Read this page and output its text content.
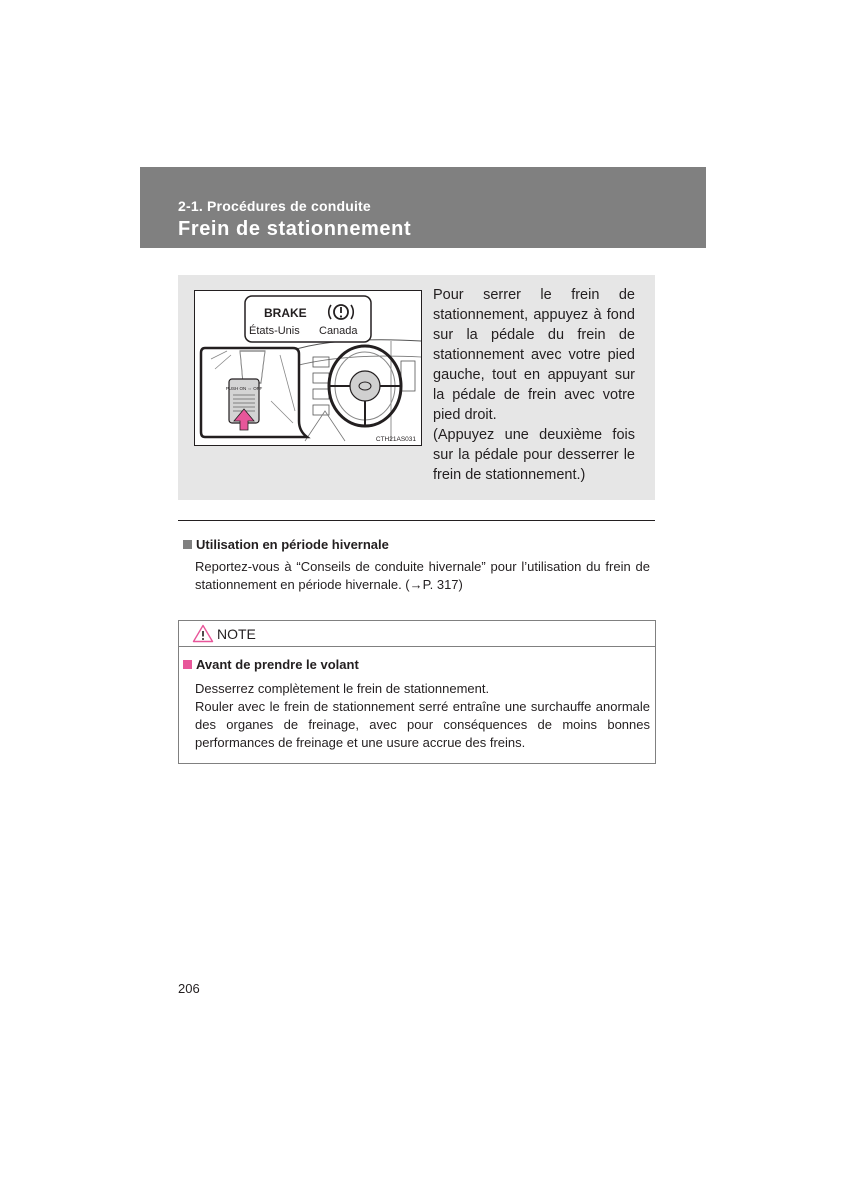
2-1. Procédures de conduite
Frein de stationnement
BRAKE
États-Unis Canada
PUSH ON ⇔ OFF
CTH21AS031

Pour serrer le frein de stationnement, appuyez à fond sur la pédale du frein de stationnement avec votre pied gauche, tout en appuyant sur la pédale de frein avec votre pied droit.

(Appuyez une deuxième fois sur la pédale pour desserrer le frein de stationnement.)

Utilisation en période hivernale
Reportez-vous à “Conseils de conduite hivernale” pour l’utilisation du frein de stationnement en période hivernale. (→P. 317)
NOTE
Avant de prendre le volant
Desserrez complètement le frein de stationnement.
Rouler avec le frein de stationnement serré entraîne une surchauffe anormale des organes de freinage, avec pour conséquences de moins bonnes performances de freinage et une usure accrue des freins.
206
